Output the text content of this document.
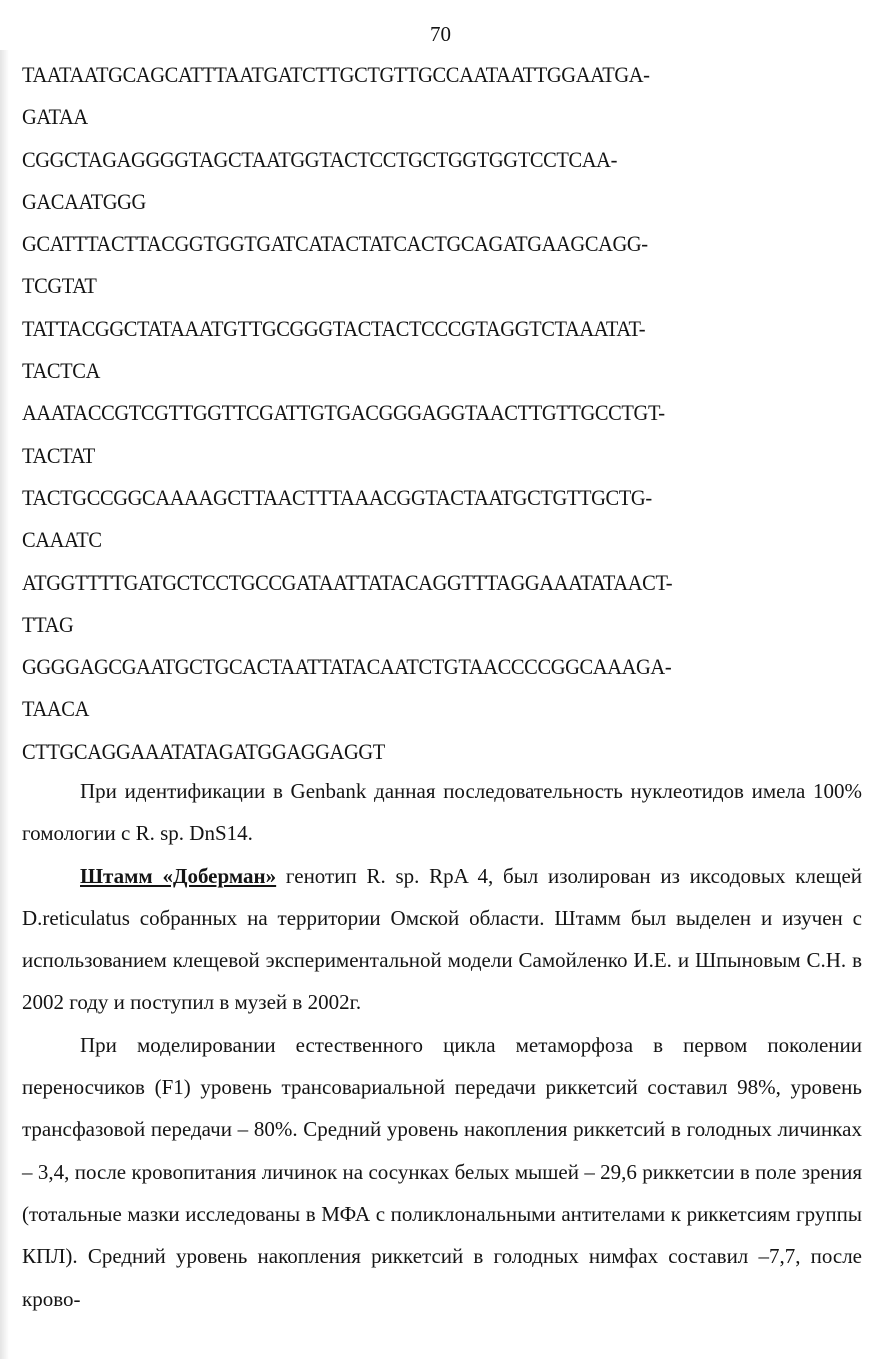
70
TAATAATGCAGCATTTAATGATCTTGCTGTTGCCAATAATTGGAATGA-
GATAA
CGGCTAGAGGGGTAGCTAATGGTACTCCTGCTGGTGGTCCTCAA-
GACAATGGG
GCATTTACTTACGGTGGTGATCATACTATCACTGCAGATGAAGCAGG-
TCGTAT
TATTACGGCTATAAATGTTGCGGGTACTACTCCCGTAGGTCTAAATAT-
TACTCA
AAATACCGTCGTTGGTTCGATTGTGACGGGAGGTAACTTGTTGCCTGT-
TACTAT
TACTGCCGGCAAAAGCTTAACTTTAAACGGTACTAATGCTGTTGCTG-
CAAATC
ATGGTTTTGATGCTCCTGCCGATAATTATACAGGTTTAGGAAATATAACT-
TTAG
GGGGAGCGAATGCTGCACTAATTATACAATCTGTAACCCCGGCAAAGA-
TAACA
CTTGCAGGAAATATAGATGGAGGAGGT

При идентификации в Genbank данная последовательность нуклеотидов имела 100% гомологии с R. sp. DnS14.

Штамм «Доберман» генотип R. sp. RpA 4, был изолирован из иксодовых клещей D.reticulatus собранных на территории Омской области. Штамм был выделен и изучен с использованием клещевой экспериментальной модели Самойленко И.Е. и Шпыновым С.Н. в 2002 году и поступил в музей в 2002г.

При моделировании естественного цикла метаморфоза в первом поколении переносчиков (F1) уровень трансовариальной передачи риккетсий составил 98%, уровень трансфазовой передачи – 80%. Средний уровень накопления риккетсий в голодных личинках – 3,4, после кровопитания личинок на сосунках белых мышей – 29,6 риккетсии в поле зрения (тотальные мазки исследованы в МФА с поликлональными антителами к риккетсиям группы КПЛ). Средний уровень накопления риккетсий в голодных нимфах составил –7,7, после крово-
